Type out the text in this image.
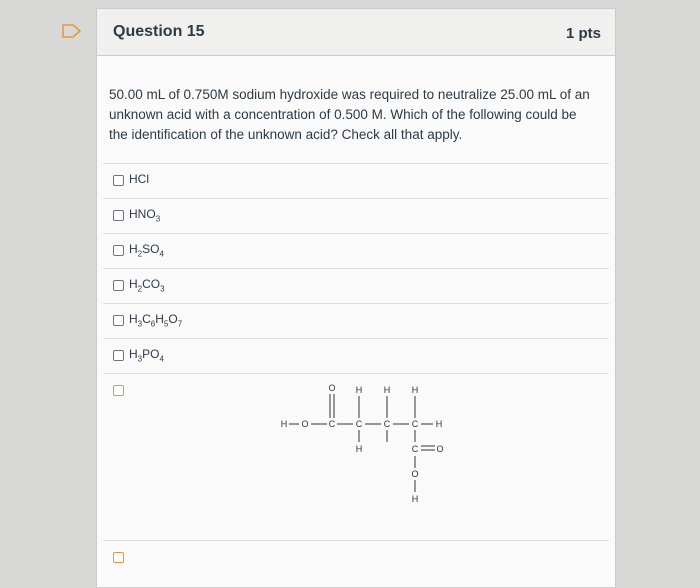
Question 15	1 pts
50.00 mL of 0.750M sodium hydroxide was required to neutralize 25.00 mL of an unknown acid with a concentration of 0.500 M. Which of the following could be the identification of the unknown acid? Check all that apply.
HCl
$HNO_3$
$H_2SO_4$
$H_2CO_3$
$H_3C_6H_5O_7$
$H_3PO_4$
H O C C C C H
O H H H
H	C O
O
H
